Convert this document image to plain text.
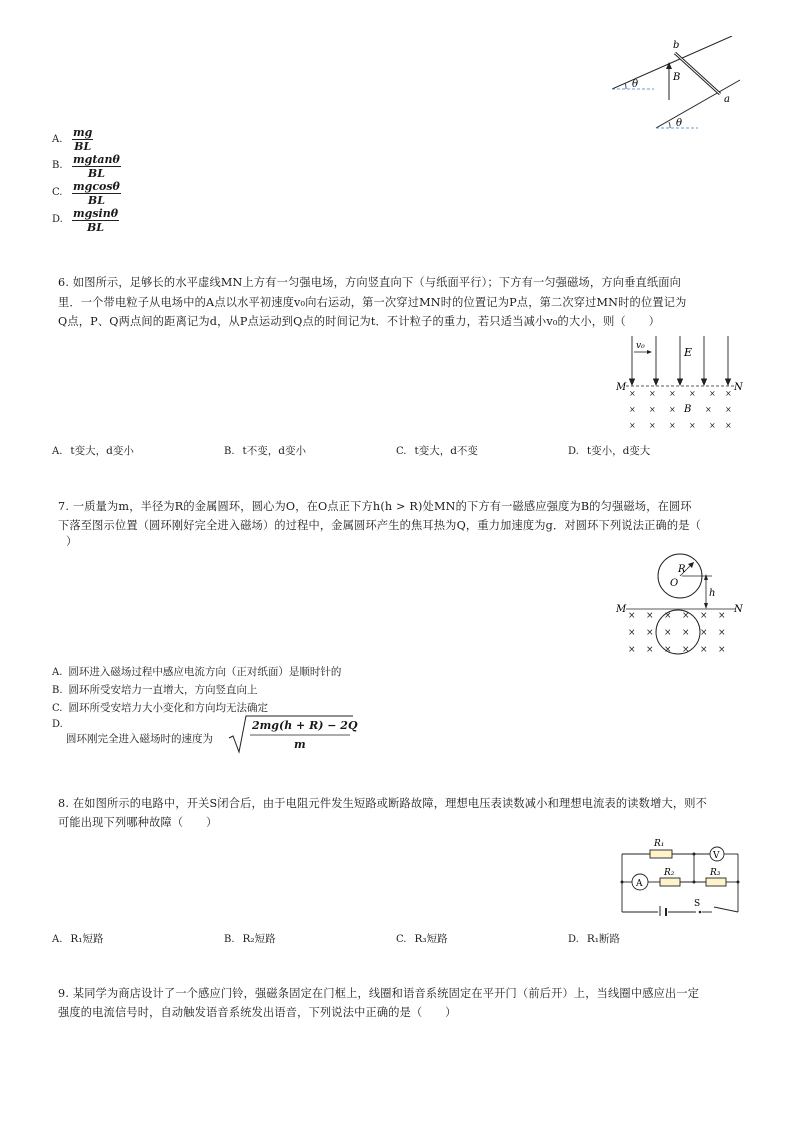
b
a
B
θ
θ
A. $\frac{mg}{BL}$
B. $\frac{mgtan\theta}{BL}$
C. $\frac{mgcos\theta}{BL}$
D. $\frac{mgsin\theta}{BL}$
6. 如图所示，足够长的水平虚线MN上方有一匀强电场，方向竖直向下（与纸面平行）；下方有一匀强磁场，方向垂直纸面向
里．一个带电粒子从电场中的A点以水平初速度v₀向右运动，第一次穿过MN时的位置记为P点，第二次穿过MN时的位置记为
Q点，P、Q两点间的距离记为d，从P点运动到Q点的时间记为t．不计粒子的重力，若只适当减小v₀的大小，则（　　）
v₀	E
M	N
× × × × × ×
× × ×	× ×
× × × × × ×
B
A. t变大，d变小	B. t不变，d变小	C. t变大，d不变	D. t变小，d变大
7. 一质量为m，半径为R的金属圆环，圆心为O，在O点正下方h(h > R)处MN的下方有一磁感应强度为B的匀强磁场，在圆环
下落至图示位置（圆环刚好完全进入磁场）的过程中，金属圆环产生的焦耳热为Q，重力加速度为g．对圆环下列说法正确的是（
）
R
O
h
M	N
× × × × × ×
× × × × × ×
× × × × × ×
A. 圆环进入磁场过程中感应电流方向（正对纸面）是顺时针的
B. 圆环所受安培力一直增大，方向竖直向上
C. 圆环所受安培力大小变化和方向均无法确定
D.
圆环刚完全进入磁场时的速度为
2mg(h + R) − 2Q
m
8. 在如图所示的电路中，开关S闭合后，由于电阻元件发生短路或断路故障，理想电压表读数减小和理想电流表的读数增大，则不
可能出现下列哪种故障（　　）
R₁
R₂	R₃
V
A
S
A. R₁短路	B. R₂短路	C. R₃短路	D. R₁断路
9. 某同学为商店设计了一个感应门铃，强磁条固定在门框上，线圈和语音系统固定在平开门（前后开）上，当线圈中感应出一定
强度的电流信号时，自动触发语音系统发出语音，下列说法中正确的是（　　）
